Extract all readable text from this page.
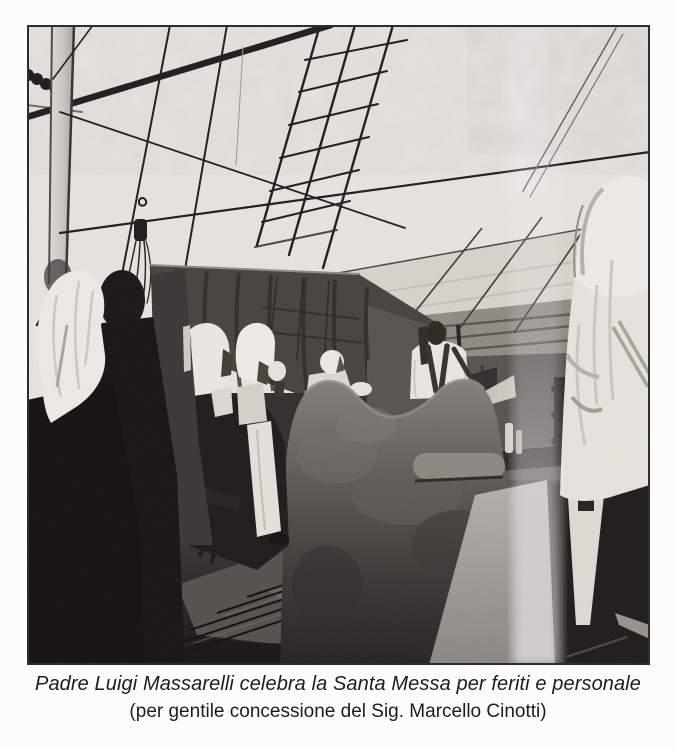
Padre Luigi Massarelli celebra la Santa Messa per feriti e personale

(per gentile concessione del Sig. Marcello Cinotti)
